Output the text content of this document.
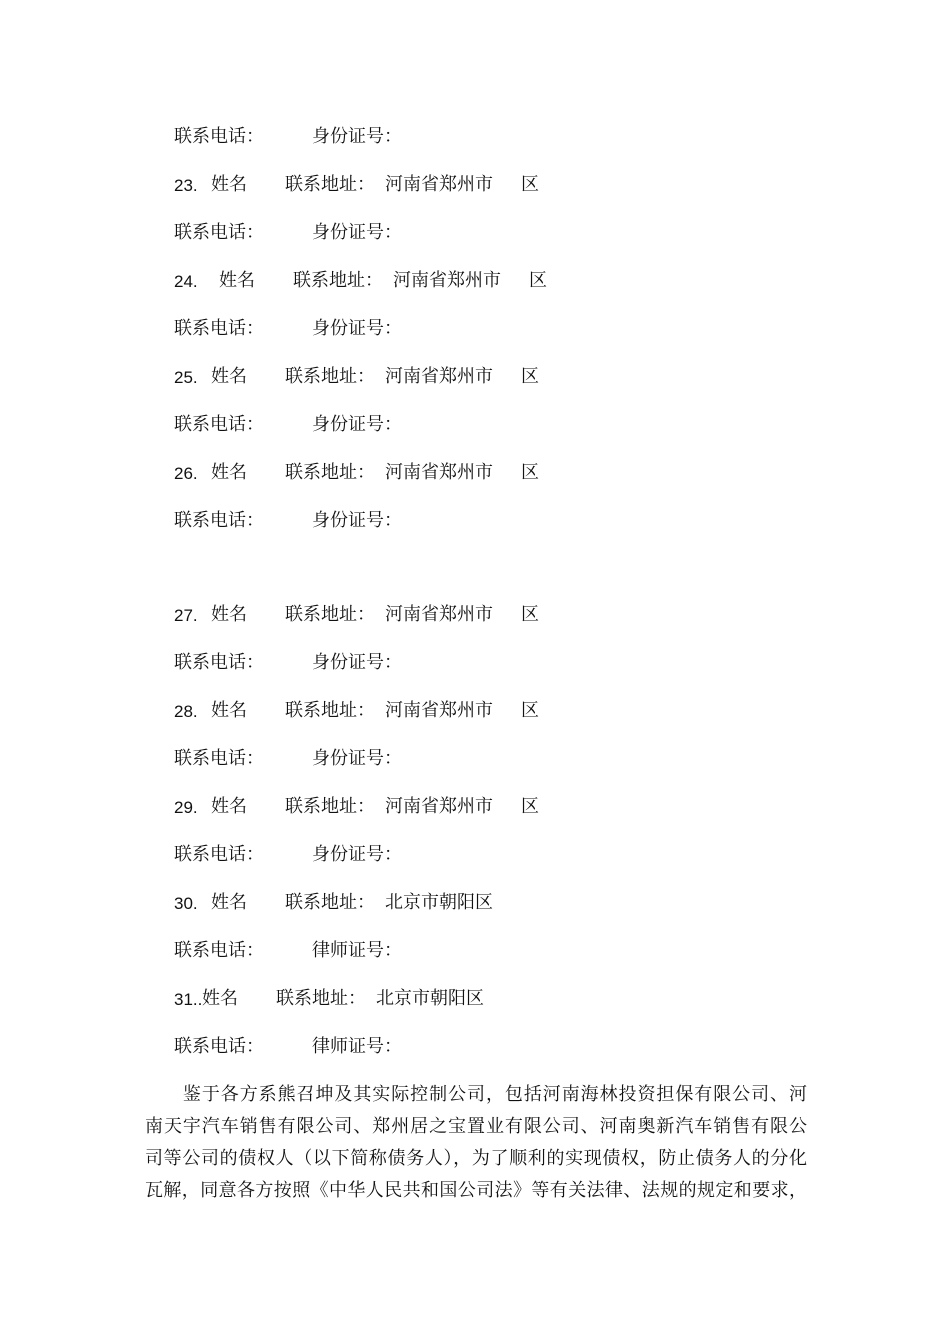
联系电话：	身份证号：
23. 姓名 联系地址： 河南省郑州市 区
联系电话：	身份证号：
24. 姓名 联系地址： 河南省郑州市 区
联系电话：	身份证号：
25. 姓名 联系地址： 河南省郑州市 区
联系电话：	身份证号：
26. 姓名 联系地址： 河南省郑州市 区
联系电话：	身份证号：
27. 姓名 联系地址： 河南省郑州市 区
联系电话：	身份证号：
28. 姓名 联系地址： 河南省郑州市 区
联系电话：	身份证号：
29. 姓名 联系地址： 河南省郑州市 区
联系电话：	身份证号：
30. 姓名 联系地址： 北京市朝阳区
联系电话：	律师证号：
31.. 姓名 联系地址： 北京市朝阳区
联系电话：	律师证号：
　　鉴于各方系熊召坤及其实际控制公司，包括河南海林投资担保有限公司、河
南天宇汽车销售有限公司、郑州居之宝置业有限公司、河南奥新汽车销售有限公
司等公司的债权人（以下简称债务人），为了顺利的实现债权，防止债务人的分化
瓦解，同意各方按照《中华人民共和国公司法》等有关法律、法规的规定和要求，
